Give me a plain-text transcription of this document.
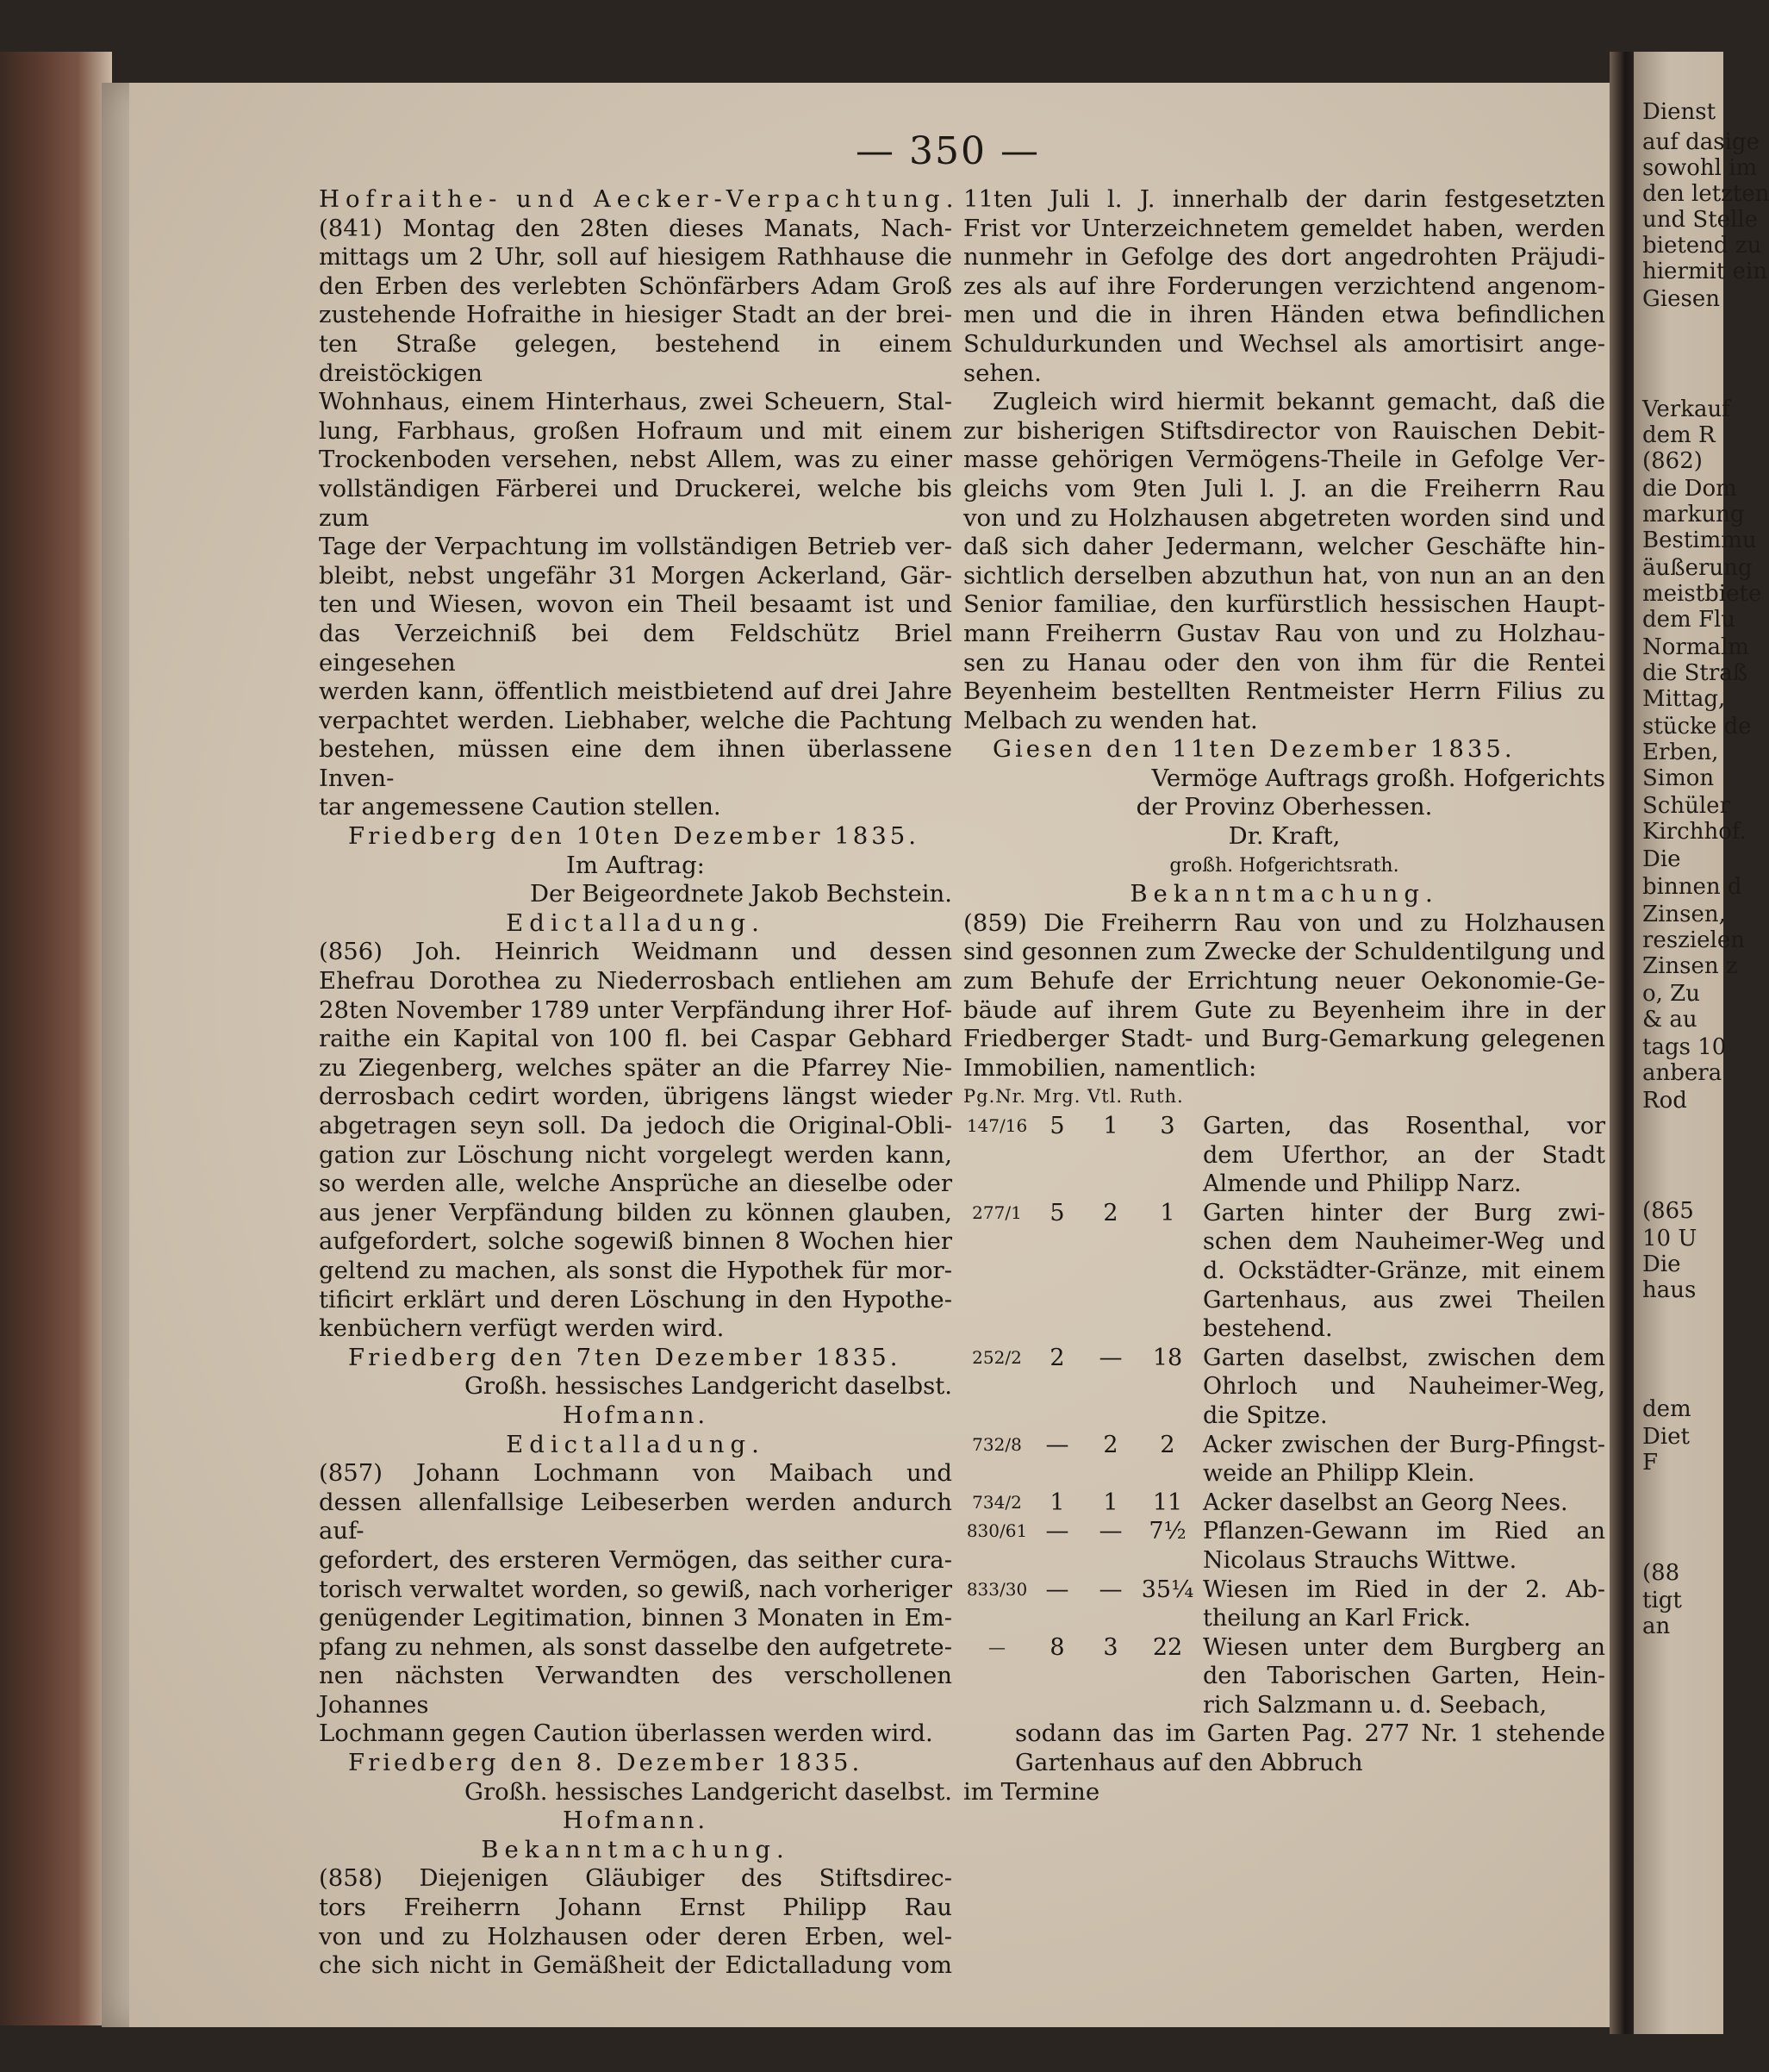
Dienst
auf dasige
sowohl im
den letzten
und Stelle
bietend zu
hiermit ein
Giesen
Verkauf
dem R
(862)
die Dom
markung
Bestimmu
äußerung
meistbiete
dem Flu
Normalm
die Straß
Mittag,
stücke de
Erben,
Simon
Schüler
Kirchhof.
Die
binnen d
Zinsen,
reszielen
Zinsen z
o, Zu
& au
tags 10
anbera
Rod
(865
10 U
Die
haus
dem
Diet
F
(88
tigt
an
— 350 —
Hofraithe- und Aecker-Verpachtung.
(841) Montag den 28ten dieses Manats, Nach-
mittags um 2 Uhr, soll auf hiesigem Rathhause die
den Erben des verlebten Schönfärbers Adam Groß
zustehende Hofraithe in hiesiger Stadt an der brei-
ten Straße gelegen, bestehend in einem dreistöckigen
Wohnhaus, einem Hinterhaus, zwei Scheuern, Stal-
lung, Farbhaus, großen Hofraum und mit einem
Trockenboden versehen, nebst Allem, was zu einer
vollständigen Färberei und Druckerei, welche bis zum
Tage der Verpachtung im vollständigen Betrieb ver-
bleibt, nebst ungefähr 31 Morgen Ackerland, Gär-
ten und Wiesen, wovon ein Theil besaamt ist und
das Verzeichniß bei dem Feldschütz Briel eingesehen
werden kann, öffentlich meistbietend auf drei Jahre
verpachtet werden. Liebhaber, welche die Pachtung
bestehen, müssen eine dem ihnen überlassene Inven-
tar angemessene Caution stellen.
Friedberg den 10ten Dezember 1835.
Im Auftrag:
Der Beigeordnete Jakob Bechstein.
Edictalladung.
(856) Joh. Heinrich Weidmann und dessen
Ehefrau Dorothea zu Niederrosbach entliehen am
28ten November 1789 unter Verpfändung ihrer Hof-
raithe ein Kapital von 100 fl. bei Caspar Gebhard
zu Ziegenberg, welches später an die Pfarrey Nie-
derrosbach cedirt worden, übrigens längst wieder
abgetragen seyn soll. Da jedoch die Original-Obli-
gation zur Löschung nicht vorgelegt werden kann,
so werden alle, welche Ansprüche an dieselbe oder
aus jener Verpfändung bilden zu können glauben,
aufgefordert, solche sogewiß binnen 8 Wochen hier
geltend zu machen, als sonst die Hypothek für mor-
tificirt erklärt und deren Löschung in den Hypothe-
kenbüchern verfügt werden wird.
Friedberg den 7ten Dezember 1835.
Großh. hessisches Landgericht daselbst.
Hofmann.
Edictalladung.
(857) Johann Lochmann von Maibach und
dessen allenfallsige Leibeserben werden andurch auf-
gefordert, des ersteren Vermögen, das seither cura-
torisch verwaltet worden, so gewiß, nach vorheriger
genügender Legitimation, binnen 3 Monaten in Em-
pfang zu nehmen, als sonst dasselbe den aufgetrete-
nen nächsten Verwandten des verschollenen Johannes
Lochmann gegen Caution überlassen werden wird.
Friedberg den 8. Dezember 1835.
Großh. hessisches Landgericht daselbst.
Hofmann.
Bekanntmachung.
(858) Diejenigen Gläubiger des Stiftsdirec-
tors Freiherrn Johann Ernst Philipp Rau
von und zu Holzhausen oder deren Erben, wel-
che sich nicht in Gemäßheit der Edictalladung vom
11ten Juli l. J. innerhalb der darin festgesetzten
Frist vor Unterzeichnetem gemeldet haben, werden
nunmehr in Gefolge des dort angedrohten Präjudi-
zes als auf ihre Forderungen verzichtend angenom-
men und die in ihren Händen etwa befindlichen
Schuldurkunden und Wechsel als amortisirt ange-
sehen.
Zugleich wird hiermit bekannt gemacht, daß die
zur bisherigen Stiftsdirector von Rauischen Debit-
masse gehörigen Vermögens-Theile in Gefolge Ver-
gleichs vom 9ten Juli l. J. an die Freiherrn Rau
von und zu Holzhausen abgetreten worden sind und
daß sich daher Jedermann, welcher Geschäfte hin-
sichtlich derselben abzuthun hat, von nun an an den
Senior familiae, den kurfürstlich hessischen Haupt-
mann Freiherrn Gustav Rau von und zu Holzhau-
sen zu Hanau oder den von ihm für die Rentei
Beyenheim bestellten Rentmeister Herrn Filius zu
Melbach zu wenden hat.
Giesen den 11ten Dezember 1835.
Vermöge Auftrags großh. Hofgerichts
der Provinz Oberhessen.
Dr. Kraft,
großh. Hofgerichtsrath.
Bekanntmachung.
(859) Die Freiherrn Rau von und zu Holzhausen
sind gesonnen zum Zwecke der Schuldentilgung und
zum Behufe der Errichtung neuer Oekonomie-Ge-
bäude auf ihrem Gute zu Beyenheim ihre in der
Friedberger Stadt- und Burg-Gemarkung gelegenen
Immobilien, namentlich:
Pg.Nr. Mrg. Vtl. Ruth.
147/16	5	1	3	Garten, das Rosenthal, vor
dem Uferthor, an der Stadt
Almende und Philipp Narz.

277/1	5	2	1	Garten hinter der Burg zwi-
schen dem Nauheimer-Weg und
d. Ockstädter-Gränze, mit einem
Gartenhaus, aus zwei Theilen
bestehend.

252/2	2	—	18	Garten daselbst, zwischen dem
Ohrloch und Nauheimer-Weg,
die Spitze.

732/8	—	2	2	Acker zwischen der Burg-Pfingst-
weide an Philipp Klein.

734/2	1	1	11	Acker daselbst an Georg Nees.

830/61	—	—	7½	Pflanzen-Gewann im Ried an
Nicolaus Strauchs Wittwe.

833/30	—	—	35¼	Wiesen im Ried in der 2. Ab-
theilung an Karl Frick.

—	8	3	22	Wiesen unter dem Burgberg an
den Taborischen Garten, Hein-
rich Salzmann u. d. Seebach,
sodann das im Garten Pag. 277 Nr. 1 stehende
Gartenhaus auf den Abbruch
im Termine
